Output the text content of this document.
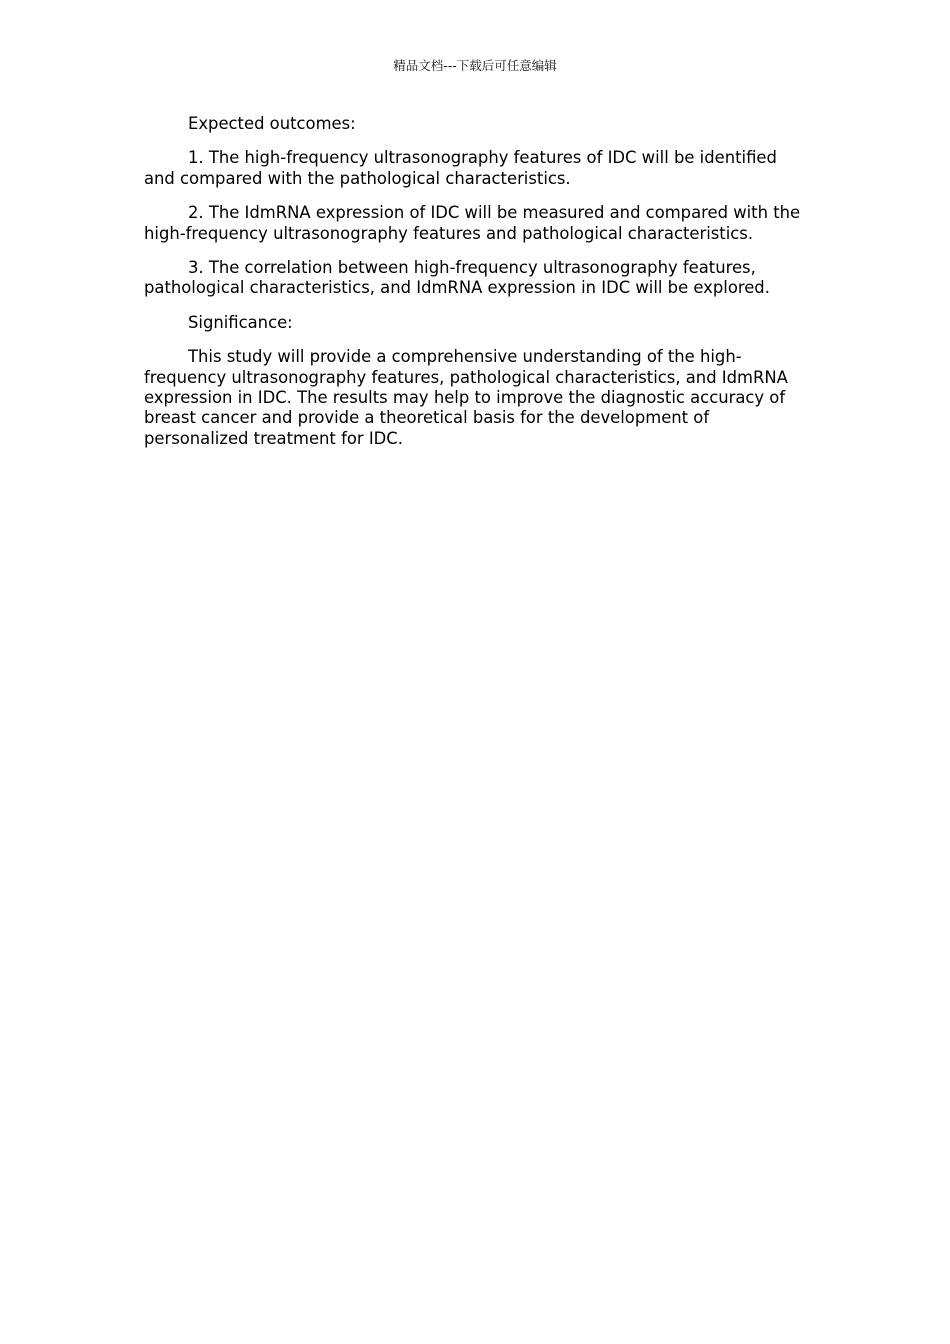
精品文档---下载后可任意编辑

Expected outcomes:

1. The high-frequency ultrasonography features of IDC will be identified and compared with the pathological characteristics.

2. The IdmRNA expression of IDC will be measured and compared with the high-frequency ultrasonography features and pathological characteristics.

3. The correlation between high-frequency ultrasonography features, pathological characteristics, and IdmRNA expression in IDC will be explored.

Significance:

This study will provide a comprehensive understanding of the high-frequency ultrasonography features, pathological characteristics, and IdmRNA expression in IDC. The results may help to improve the diagnostic accuracy of breast cancer and provide a theoretical basis for the development of personalized treatment for IDC.
